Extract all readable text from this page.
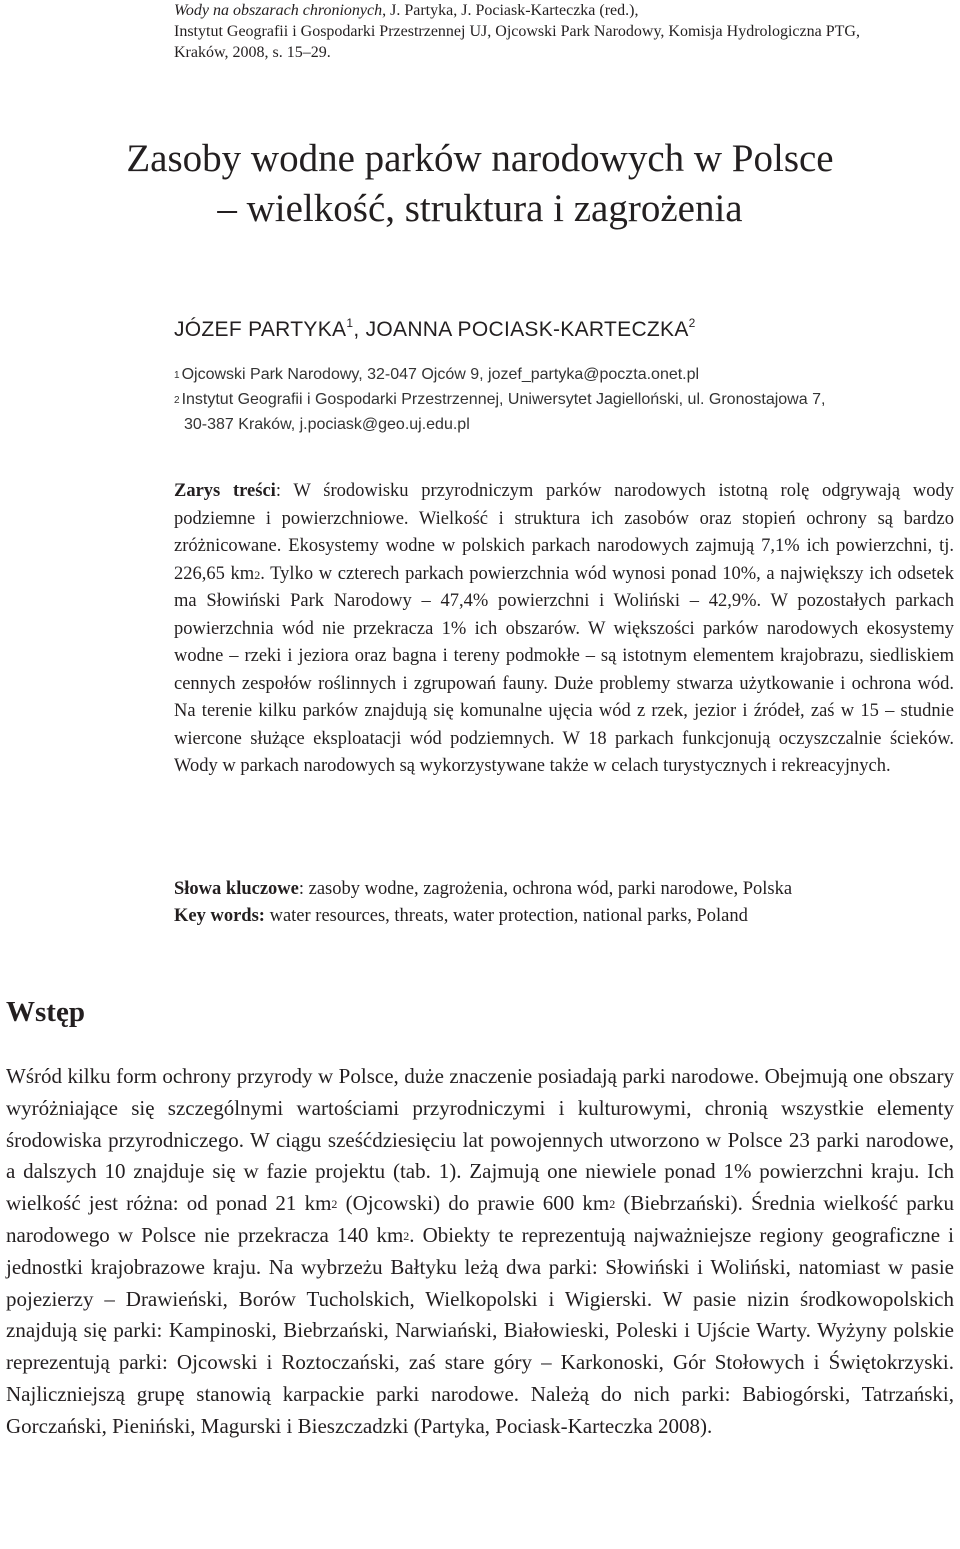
Wody na obszarach chronionych, J. Partyka, J. Pociask-Karteczka (red.),
Instytut Geografii i Gospodarki Przestrzennej UJ, Ojcowski Park Narodowy, Komisja Hydrologiczna PTG,
Kraków, 2008, s. 15–29.
Zasoby wodne parków narodowych w Polsce
– wielkość, struktura i zagrożenia
JÓZEF PARTYKA$^1$, JOANNA POCIASK-KARTECZKA$^2$
$^1$ Ojcowski Park Narodowy, 32-047 Ojców 9, jozef_partyka@poczta.onet.pl
$^2$ Instytut Geografii i Gospodarki Przestrzennej, Uniwersytet Jagielloński, ul. Gronostajowa 7,
30-387 Kraków, j.pociask@geo.uj.edu.pl
Zarys treści: W środowisku przyrodniczym parków narodowych istotną rolę odgrywają wody podziemne i powierzchniowe. Wielkość i struktura ich zasobów oraz stopień ochrony są bardzo zróżnicowane. Ekosystemy wodne w polskich parkach narodowych zajmują 7,1% ich powierzchni, tj. 226,65 $km^2$. Tylko w czterech parkach powierzchnia wód wynosi ponad 10%, a największy ich odsetek ma Słowiński Park Narodowy – 47,4% powierzchni i Woliński – 42,9%. W pozostałych parkach powierzchnia wód nie przekracza 1% ich obszarów. W większości parków narodowych ekosystemy wodne – rzeki i jeziora oraz bagna i tereny podmokłe – są istotnym elementem krajobrazu, siedliskiem cennych zespołów roślinnych i zgrupowań fauny. Duże problemy stwarza użytkowanie i ochrona wód. Na terenie kilku parków znajdują się komunalne ujęcia wód z rzek, jezior i źródeł, zaś w 15 – studnie wiercone służące eksploatacji wód podziemnych. W 18 parkach funkcjonują oczyszczalnie ścieków. Wody w parkach narodowych są wykorzystywane także w celach turystycznych i rekreacyjnych.
Słowa kluczowe: zasoby wodne, zagrożenia, ochrona wód, parki narodowe, Polska
Key words: water resources, threats, water protection, national parks, Poland
Wstęp
Wśród kilku form ochrony przyrody w Polsce, duże znaczenie posiadają parki narodowe. Obejmują one obszary wyróżniające się szczególnymi wartościami przyrodniczymi i kulturowymi, chronią wszystkie elementy środowiska przyrodniczego. W ciągu sześćdziesięciu lat powojennych utworzono w Polsce 23 parki narodowe, a dalszych 10 znajduje się w fazie projektu (tab. 1). Zajmują one niewiele ponad 1% powierzchni kraju. Ich wielkość jest różna: od ponad 21 $km^2$ (Ojcowski) do prawie 600 $km^2$ (Biebrzański). Średnia wielkość parku narodowego w Polsce nie przekracza 140 $km^2$. Obiekty te reprezentują najważniejsze regiony geograficzne i jednostki krajobrazowe kraju. Na wybrzeżu Bałtyku leżą dwa parki: Słowiński i Woliński, natomiast w pasie pojezierzy – Drawieński, Borów Tucholskich, Wielkopolski i Wigierski. W pasie nizin środkowopolskich znajdują się parki: Kampinoski, Biebrzański, Narwiański, Białowieski, Poleski i Ujście Warty. Wyżyny polskie reprezentują parki: Ojcowski i Roztoczański, zaś stare góry – Karkonoski, Gór Stołowych i Świętokrzyski. Najliczniejszą grupę stanowią karpackie parki narodowe. Należą do nich parki: Babiogórski, Tatrzański, Gorczański, Pieniński, Magurski i Bieszczadzki (Partyka, Pociask-Karteczka 2008).
